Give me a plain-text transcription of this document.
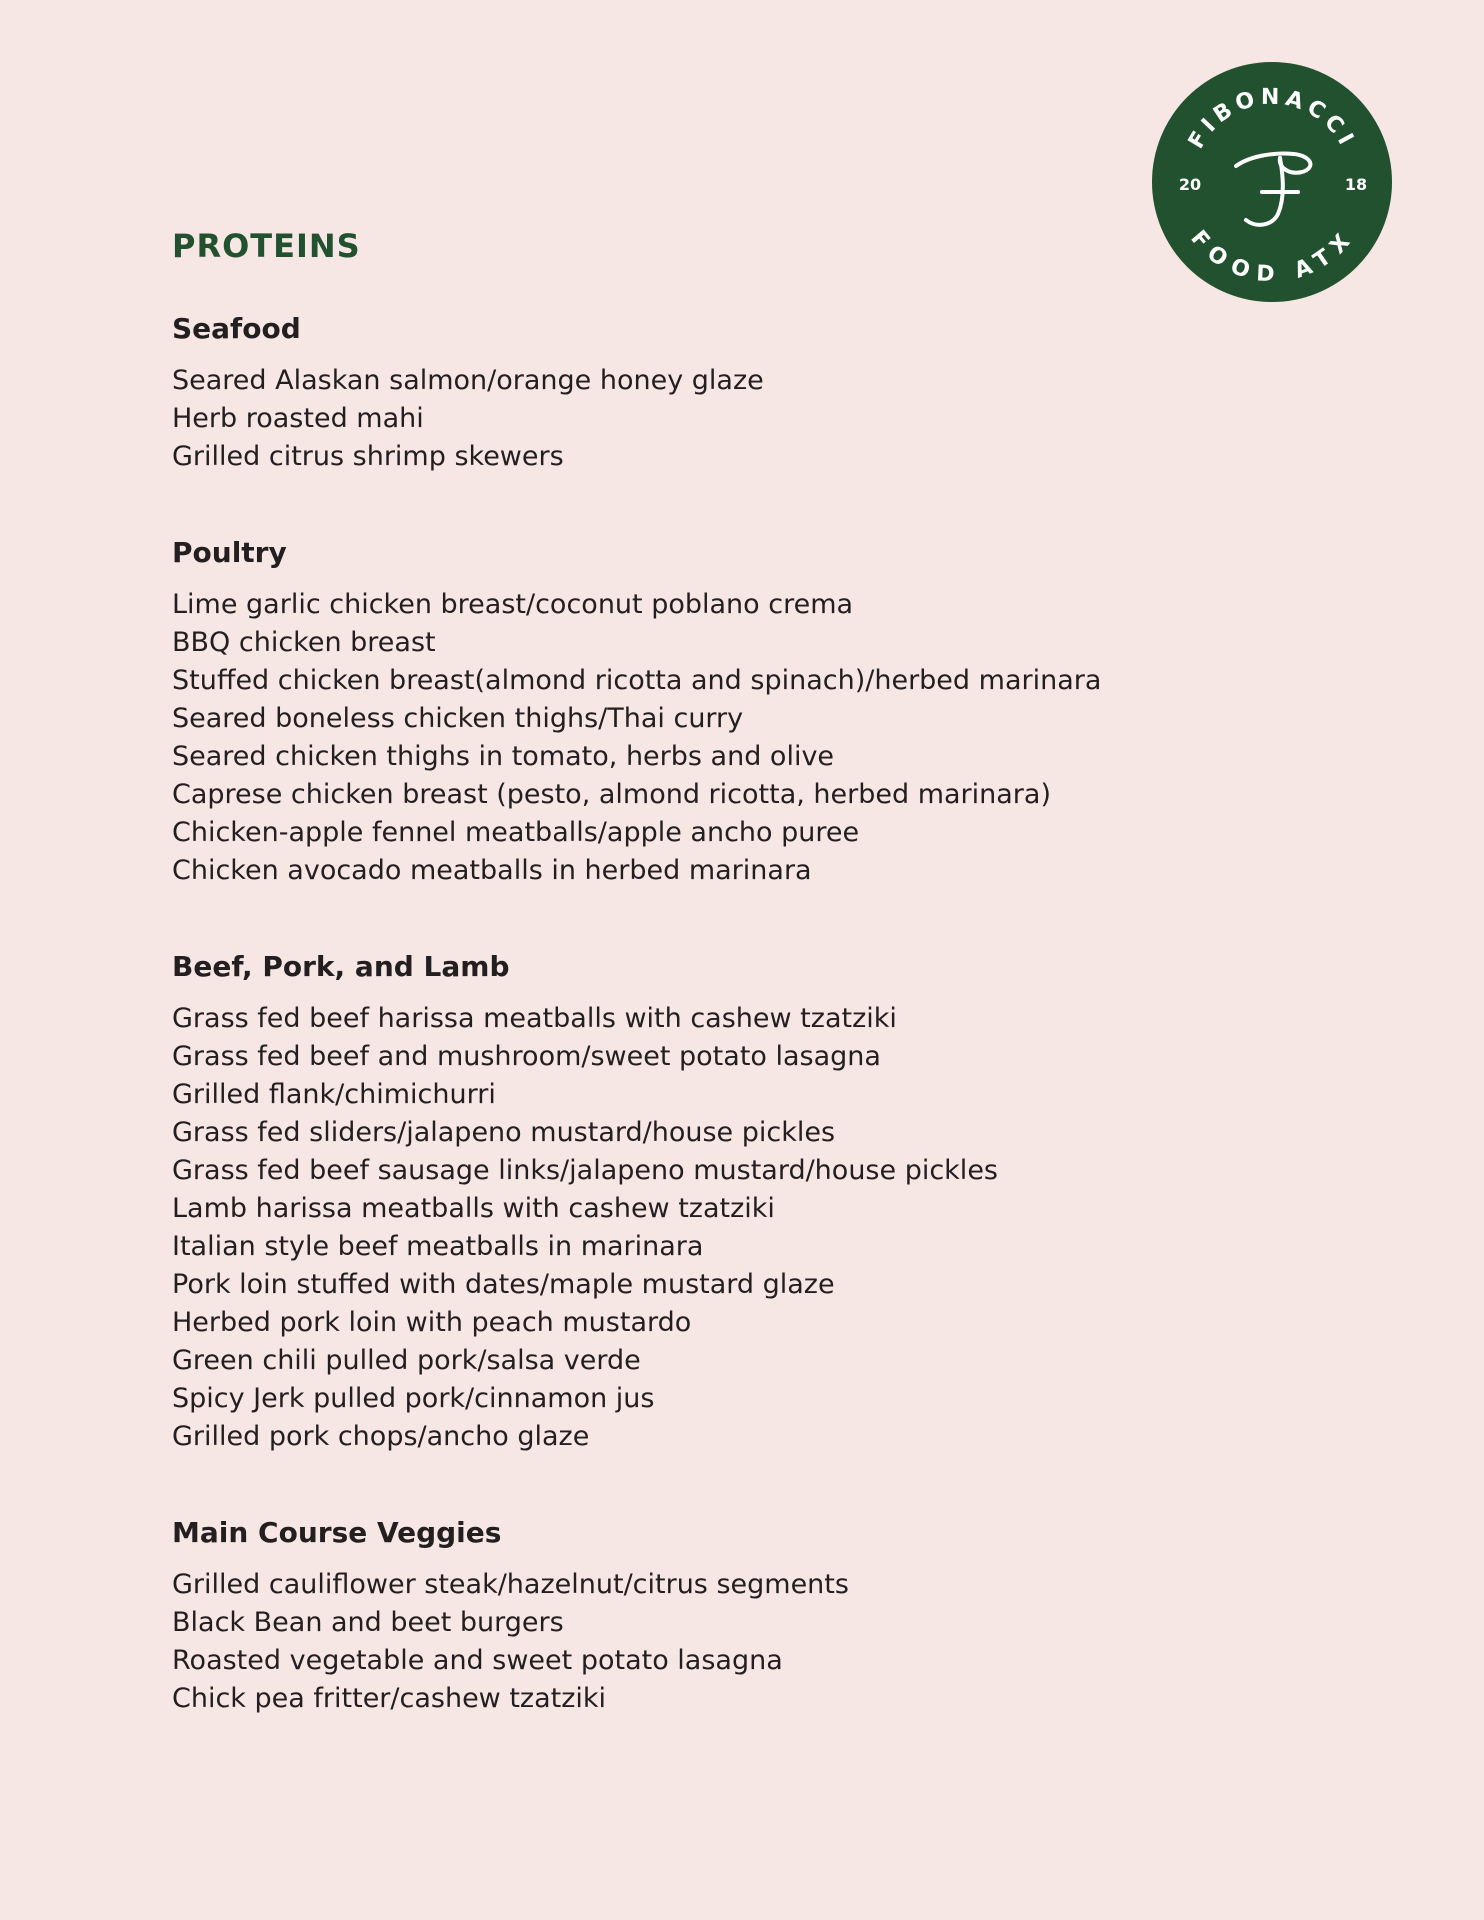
FIBONACCI
FOOD ATX
20	18
PROTEINS
Seafood
Seared Alaskan salmon/orange honey glaze
Herb roasted mahi
Grilled citrus shrimp skewers
Poultry
Lime garlic chicken breast/coconut poblano crema
BBQ chicken breast
Stuffed chicken breast(almond ricotta and spinach)/herbed marinara
Seared boneless chicken thighs/Thai curry
Seared chicken thighs in tomato, herbs and olive
Caprese chicken breast (pesto, almond ricotta, herbed marinara)
Chicken-apple fennel meatballs/apple ancho puree
Chicken avocado meatballs in herbed marinara
Beef, Pork, and Lamb
Grass fed beef harissa meatballs with cashew tzatziki
Grass fed beef and mushroom/sweet potato lasagna
Grilled flank/chimichurri
Grass fed sliders/jalapeno mustard/house pickles
Grass fed beef sausage links/jalapeno mustard/house pickles
Lamb harissa meatballs with cashew tzatziki
Italian style beef meatballs in marinara
Pork loin stuffed with dates/maple mustard glaze
Herbed pork loin with peach mustardo
Green chili pulled pork/salsa verde
Spicy Jerk pulled pork/cinnamon jus
Grilled pork chops/ancho glaze
Main Course Veggies
Grilled cauliflower steak/hazelnut/citrus segments
Black Bean and beet burgers
Roasted vegetable and sweet potato lasagna
Chick pea fritter/cashew tzatziki
